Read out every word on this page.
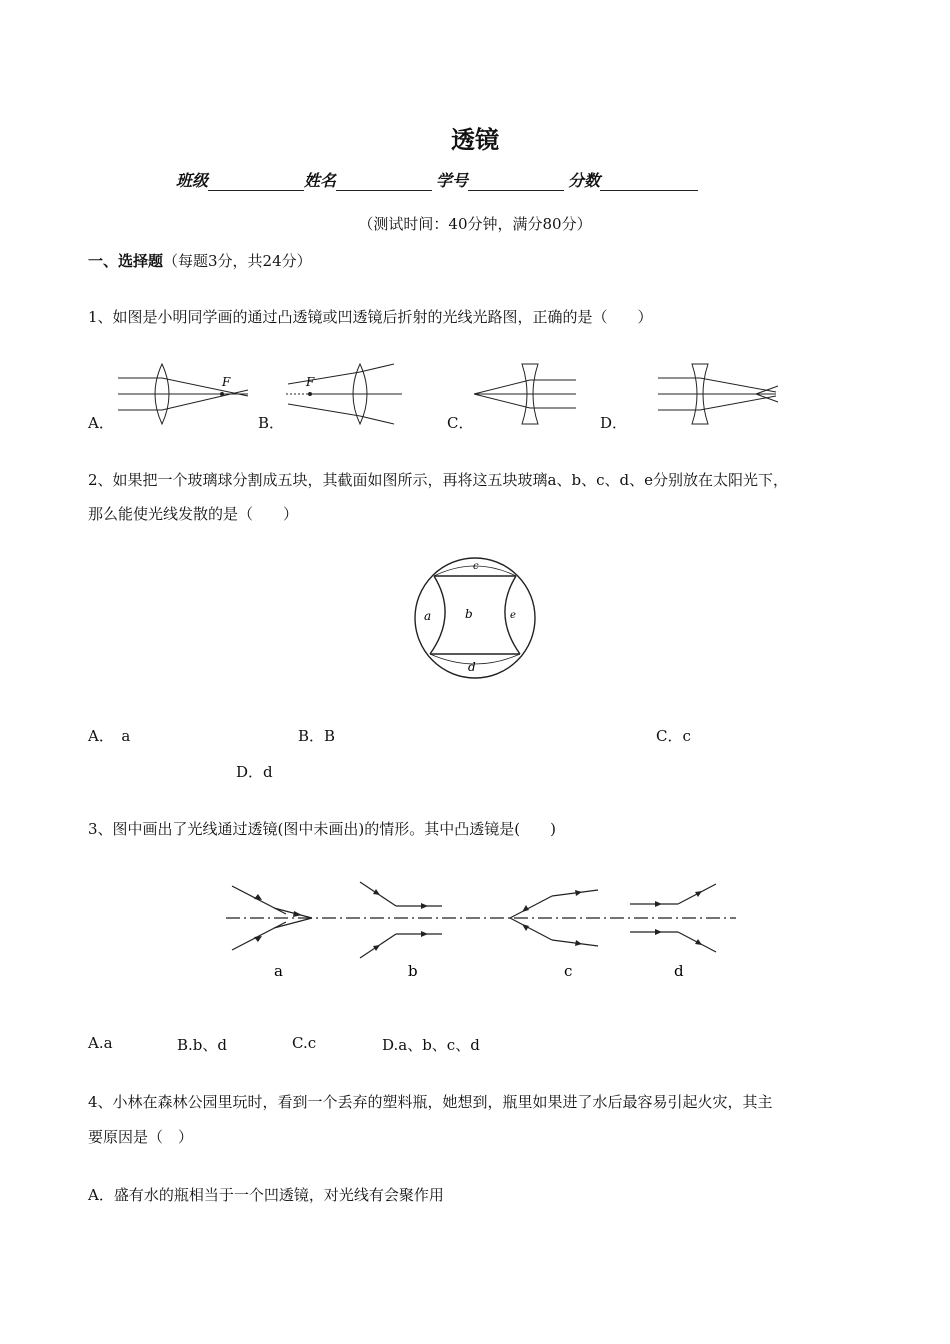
透镜
班级	姓名	学号	分数
（测试时间：40分钟，满分80分）
一、选择题（每题3分，共24分）
1、如图是小明同学画的通过凸透镜或凹透镜后折射的光线光路图，正确的是（　　）
A．	B．	C．	D．
F	F
2、如果把一个玻璃球分割成五块，其截面如图所示，再将这五块玻璃a、b、c、d、e分别放在太阳光下，
那么能使光线发散的是（　　）
a	b
c
d
e
A．　a	B．B	C．c
D．d
3、图中画出了光线通过透镜(图中未画出)的情形。其中凸透镜是(　　)
a	b	c	d
A.a	B.b、d	C.c	D.a、b、c、d
4、小林在森林公园里玩时，看到一个丢弃的塑料瓶，她想到，瓶里如果进了水后最容易引起火灾，其主
要原因是（　）
A．盛有水的瓶相当于一个凹透镜，对光线有会聚作用
